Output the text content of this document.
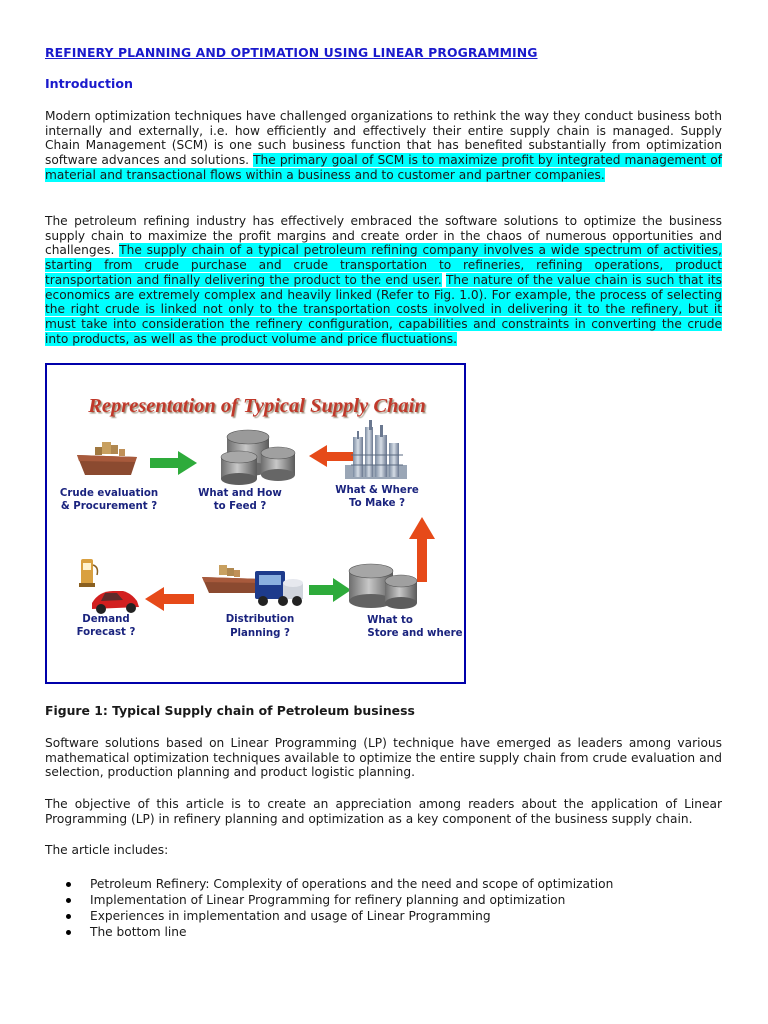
REFINERY PLANNING AND OPTIMATION USING LINEAR PROGRAMMING
Introduction
Modern optimization techniques have challenged organizations to rethink the way they conduct business both internally and externally, i.e. how efficiently and effectively their entire supply chain is managed. Supply Chain Management (SCM) is one such business function that has benefited substantially from optimization software advances and solutions. The primary goal of SCM is to maximize profit by integrated management of material and transactional flows within a business and to customer and partner companies.
The petroleum refining industry has effectively embraced the software solutions to optimize the business supply chain to maximize the profit margins and create order in the chaos of numerous opportunities and challenges. The supply chain of a typical petroleum refining company involves a wide spectrum of activities, starting from crude purchase and crude transportation to refineries, refining operations, product transportation and finally delivering the product to the end user. The nature of the value chain is such that its economics are extremely complex and heavily linked (Refer to Fig. 1.0). For example, the process of selecting the right crude is linked not only to the transportation costs involved in delivering it to the refinery, but it must take into consideration the refinery configuration, capabilities and constraints in converting the crude into products, as well as the product volume and price fluctuations.
Representation of Typical Supply Chain
Crude evaluation
& Procurement ?
What and How
to Feed ?
What & Where
To Make ?
Demand
Forecast ?
Distribution
Planning ?
What to
Store and where
Figure 1: Typical Supply chain of Petroleum business
Software solutions based on Linear Programming (LP) technique have emerged as leaders among various mathematical optimization techniques available to optimize the entire supply chain from crude evaluation and selection, production planning and product logistic planning.
The objective of this article is to create an appreciation among readers about the application of Linear Programming (LP) in refinery planning and optimization as a key component of the business supply chain.
The article includes:
Petroleum Refinery: Complexity of operations and the need and scope of optimization
Implementation of Linear Programming for refinery planning and optimization
Experiences in implementation and usage of Linear Programming
The bottom line
